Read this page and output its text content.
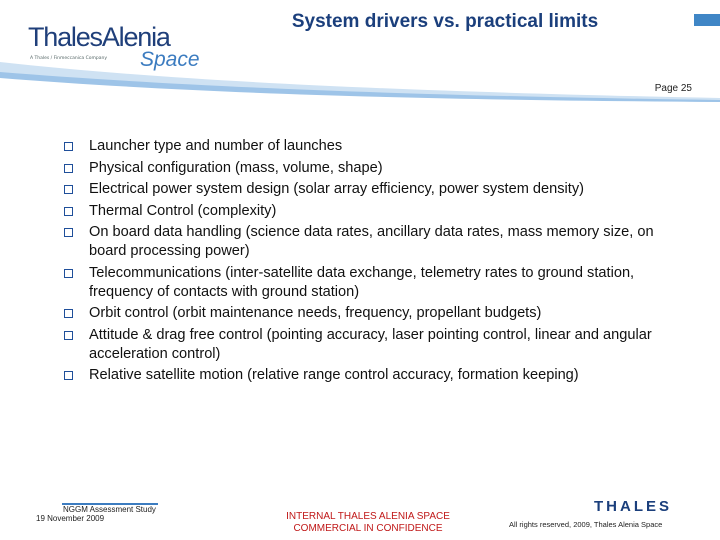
ThalesAlenia
A Thales / Finmeccanica Company Space
System drivers vs. practical limits
Page 25
Launcher type and number of launches
Physical configuration (mass, volume, shape)
Electrical power system design (solar array efficiency, power system density)
Thermal Control (complexity)
On board data handling (science data rates, ancillary data rates, mass memory size, on board processing power)
Telecommunications (inter-satellite data exchange, telemetry rates to ground station, frequency of contacts with ground station)
Orbit control (orbit maintenance needs, frequency, propellant budgets)
Attitude & drag free control (pointing accuracy, laser pointing control, linear and angular acceleration control)
Relative satellite motion (relative range control accuracy, formation keeping)
NGGM Assessment Study
19 November 2009	INTERNAL THALES ALENIA SPACE
COMMERCIAL IN CONFIDENCE
THALES
All rights reserved, 2009, Thales Alenia Space
